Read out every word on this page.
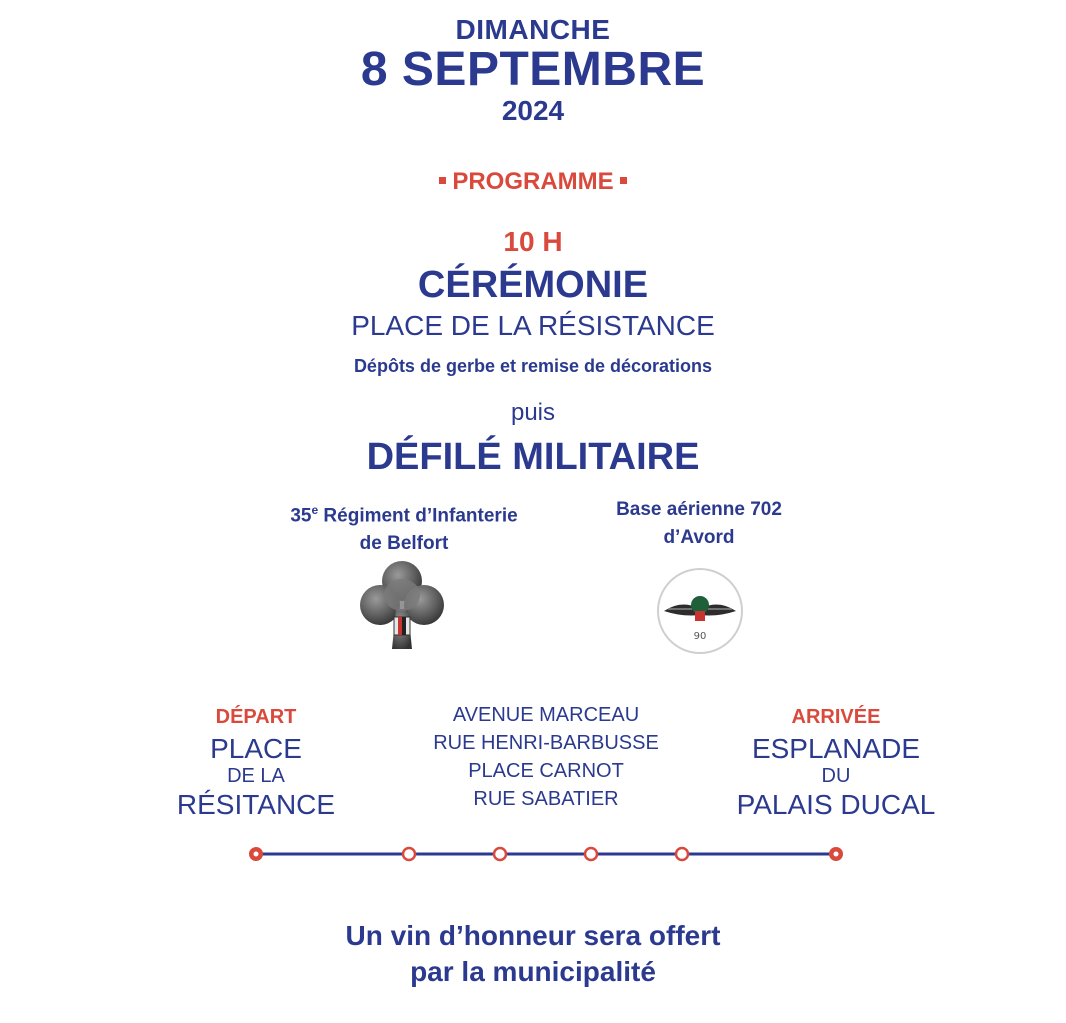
DIMANCHE
8 SEPTEMBRE
2024
PROGRAMME
10 H
CÉRÉMONIE
PLACE DE LA RÉSISTANCE
Dépôts de gerbe et remise de décorations
puis
DÉFILÉ MILITAIRE
35e Régiment d’Infanterie
de Belfort
Base aérienne 702
d’Avord
90
DÉPART
PLACE
DE LA
RÉSITANCE
AVENUE MARCEAU
RUE HENRI-BARBUSSE
PLACE CARNOT
RUE SABATIER
ARRIVÉE
ESPLANADE
DU
PALAIS DUCAL
Un vin d’honneur sera offert
par la municipalité
